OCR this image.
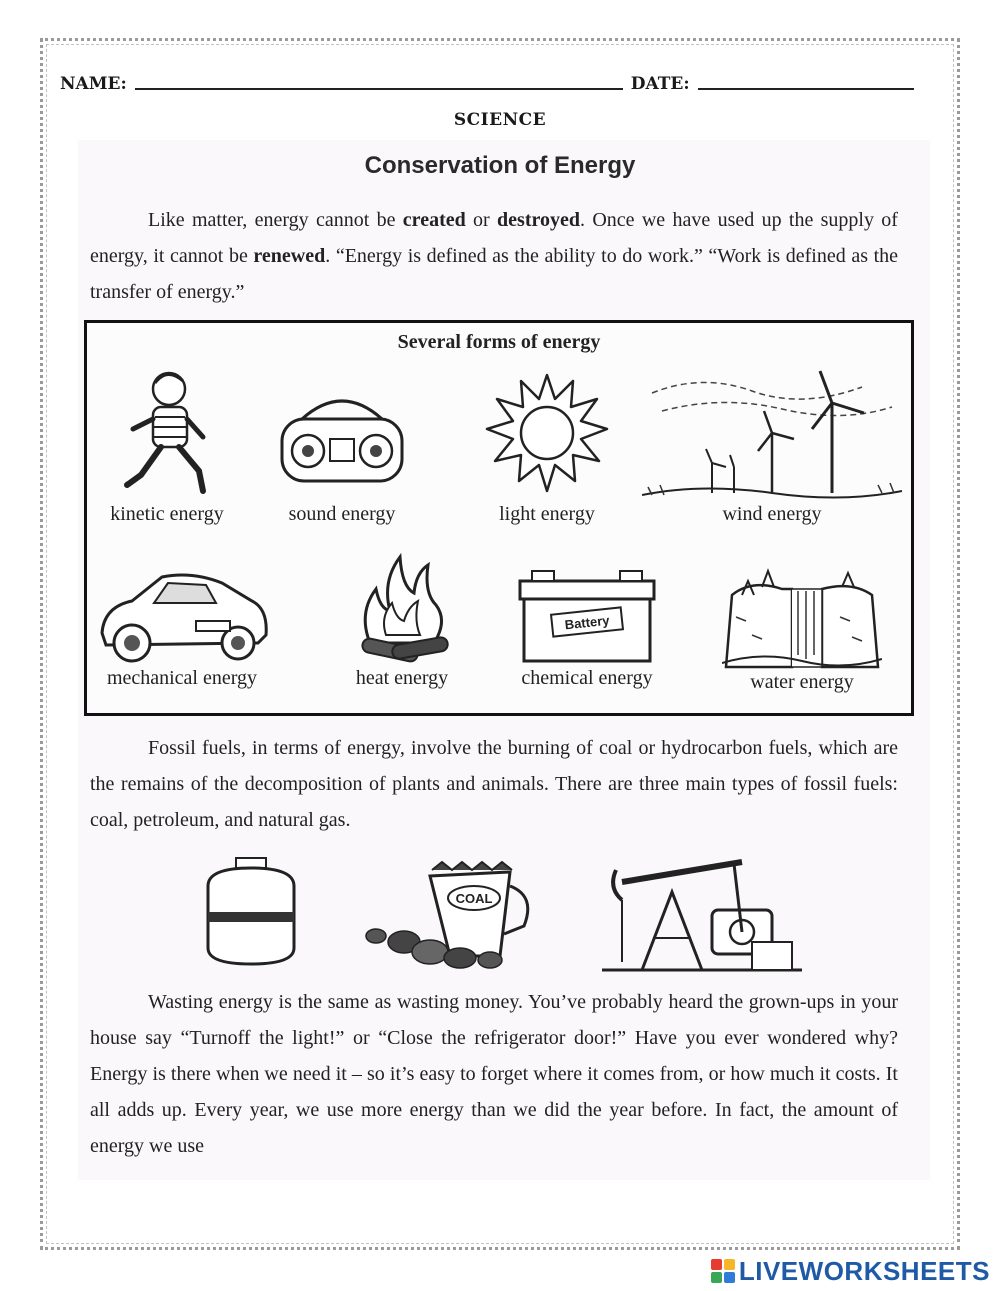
NAME:	DATE:
SCIENCE
Conservation of Energy
Like matter, energy cannot be created or destroyed. Once we have used up the supply of energy, it cannot be renewed. “Energy is defined as the ability to do work.” “Work is defined as the transfer of energy.”
Several forms of energy
kinetic energy	sound energy	light energy	wind energy
mechanical energy	heat energy
Battery
chemical energy	water energy
Fossil fuels, in terms of energy, involve the burning of coal or hydrocarbon fuels, which are the remains of the decomposition of plants and animals. There are three main types of fossil fuels: coal, petroleum, and natural gas.
COAL
Wasting energy is the same as wasting money. You’ve probably heard the grown-ups in your house say “Turnoff the light!” or “Close the refrigerator door!” Have you ever wondered why? Energy is there when we need it – so it’s easy to forget where it comes from, or how much it costs. It all adds up. Every year, we use more energy than we did the year before. In fact, the amount of energy we use
LIVEWORKSHEETS
